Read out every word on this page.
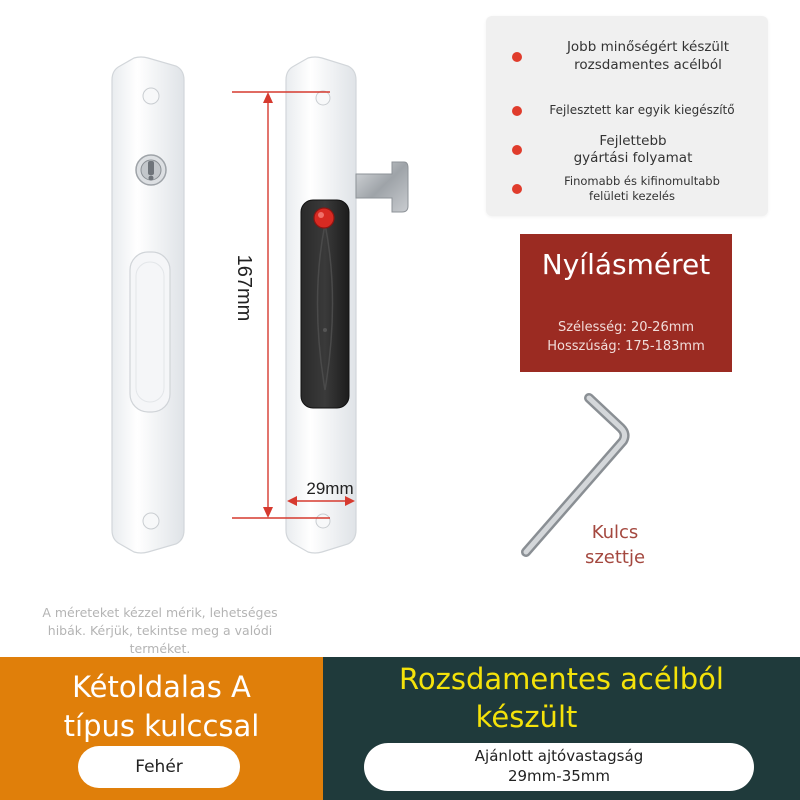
167mm
29mm
Jobb minőségért készült
rozsdamentes acélból
Fejlesztett kar egyik kiegészítő
Fejlettebb
gyártási folyamat
Finomabb és kifinomultabb
felületi kezelés
Nyílásméret
Szélesség: 20-26mm
Hosszúság: 175-183mm
Kulcs
szettje
A méreteket kézzel mérik, lehetséges
hibák. Kérjük, tekintse meg a valódi
terméket.
Kétoldalas A
típus kulccsal
Fehér
Rozsdamentes acélból
készült
Ajánlott ajtóvastagság
29mm-35mm
